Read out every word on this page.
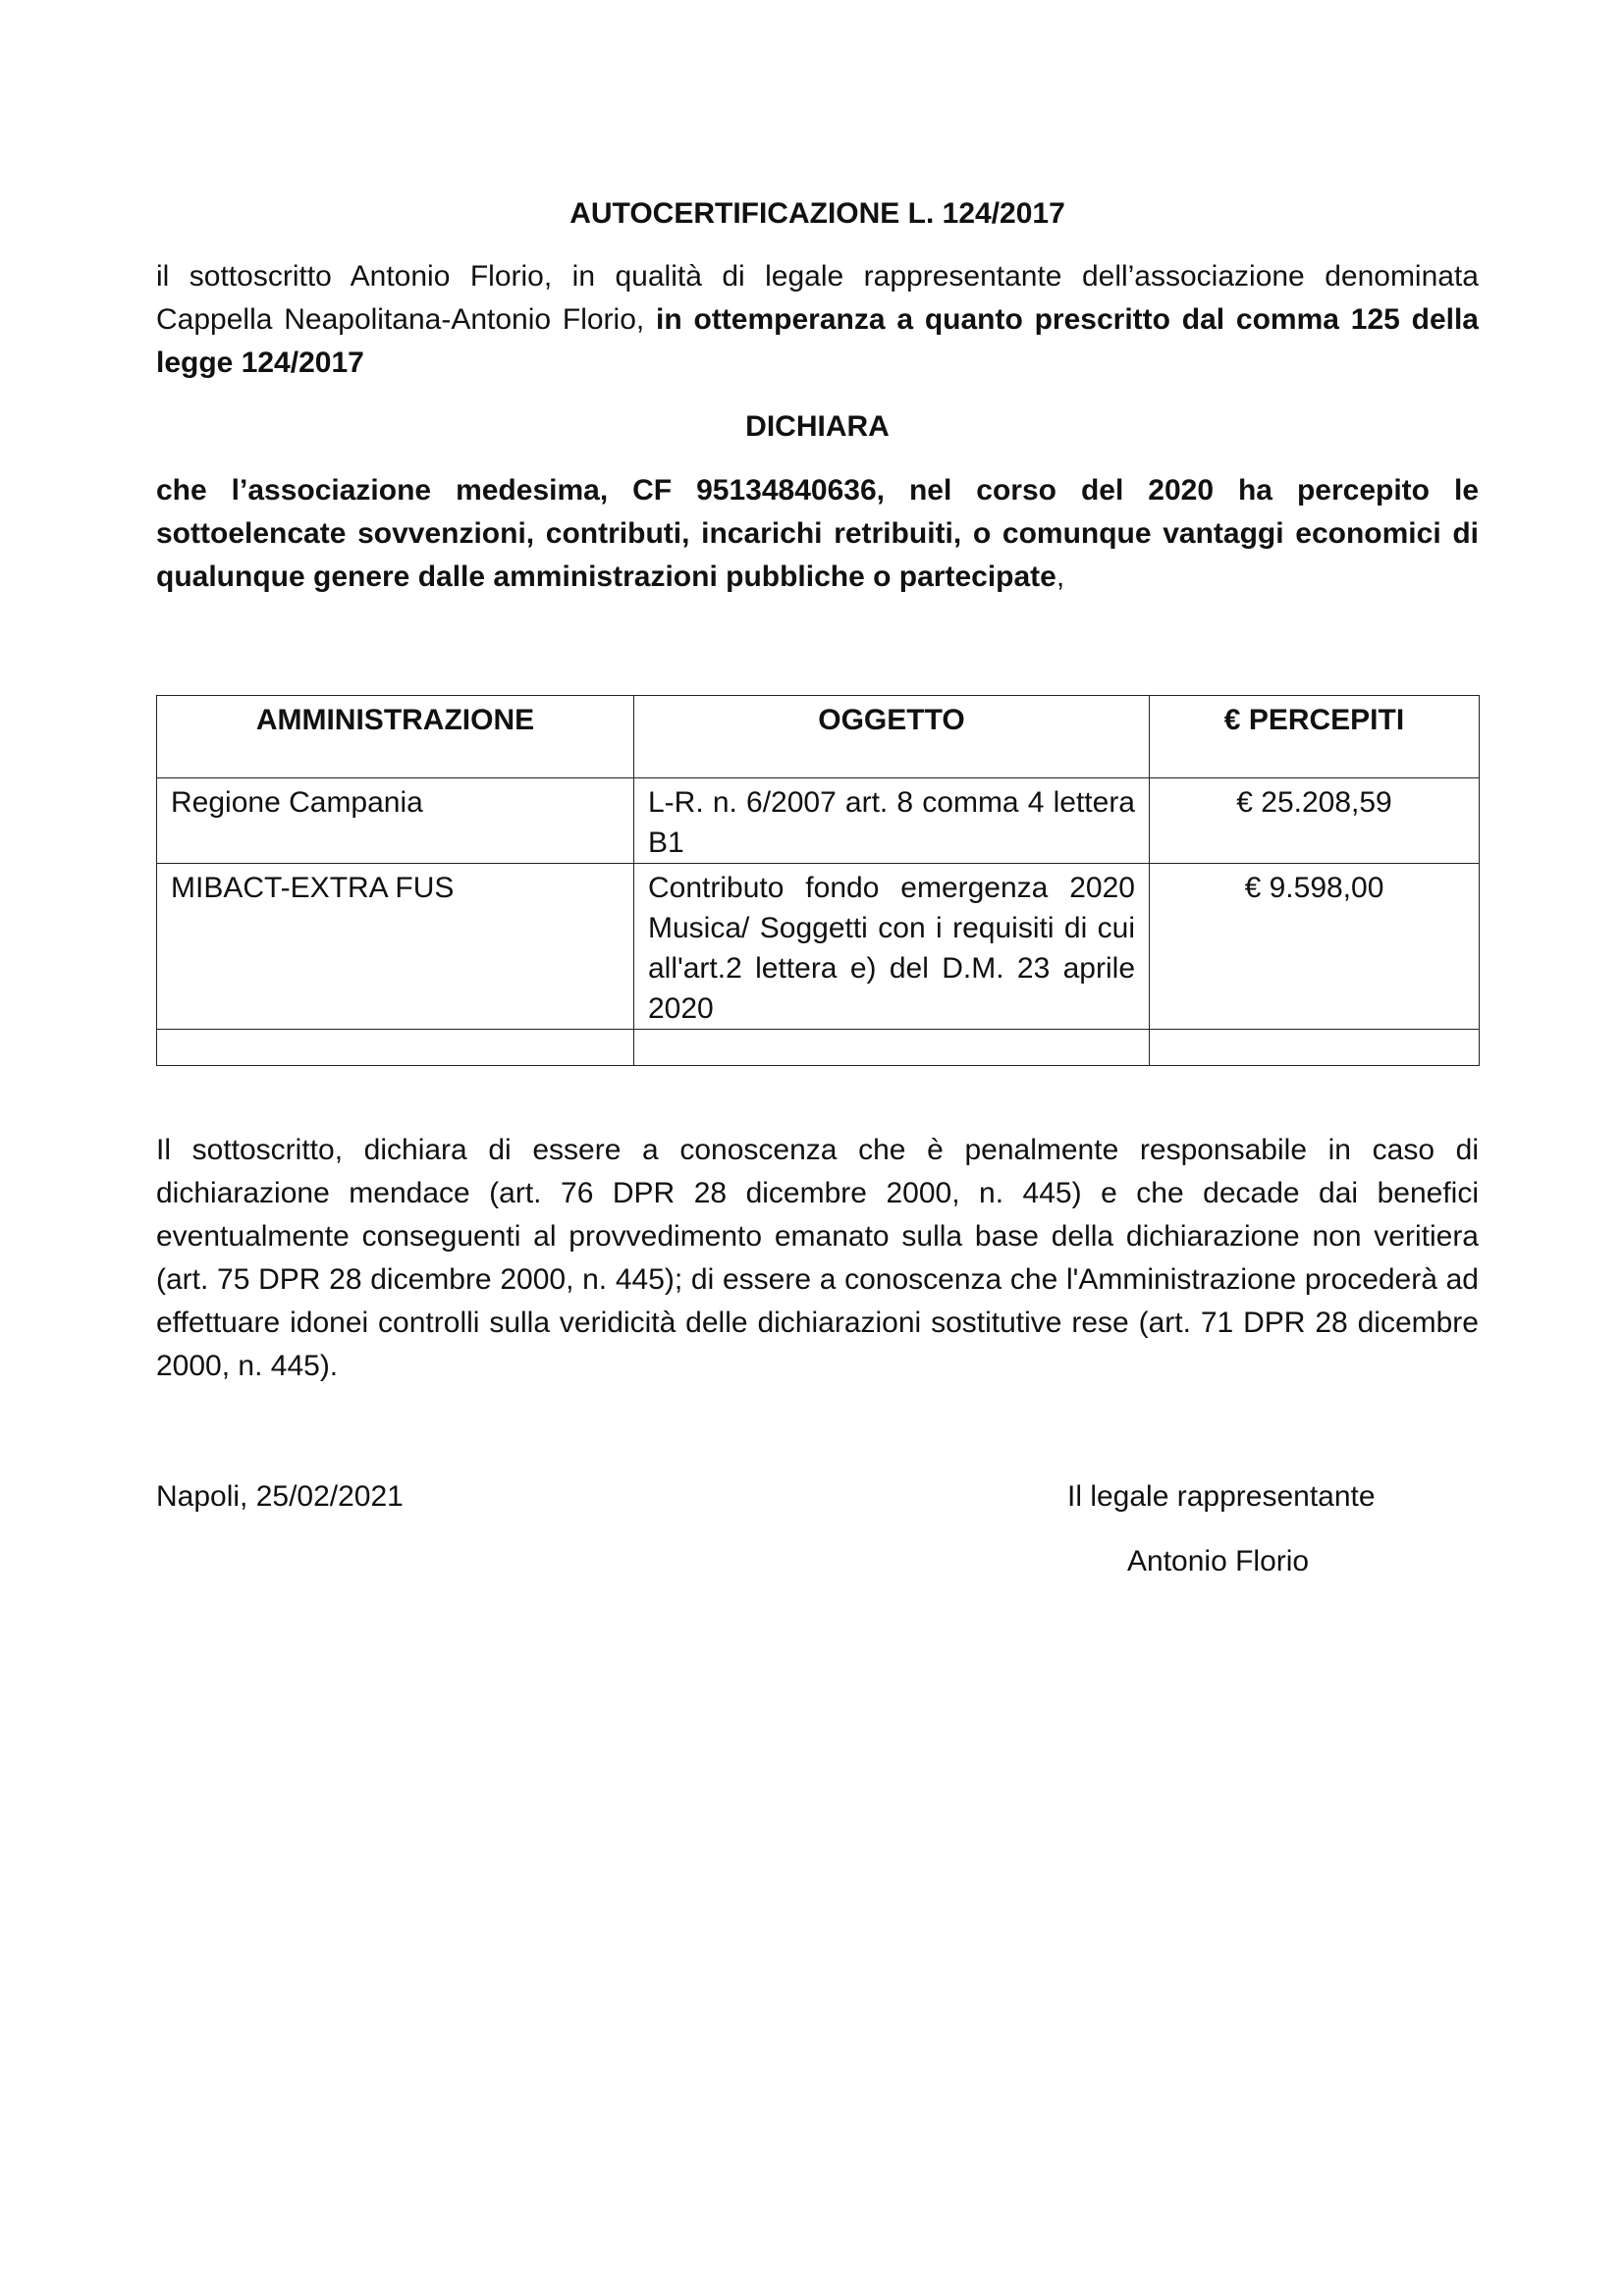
AUTOCERTIFICAZIONE L. 124/2017

il sottoscritto Antonio Florio, in qualità di legale rappresentante dell’associazione denominata Cappella Neapolitana-Antonio Florio, in ottemperanza a quanto prescritto dal comma 125 della legge 124/2017

DICHIARA

che l’associazione medesima, CF 95134840636, nel corso del 2020 ha percepito le sottoelencate sovvenzioni, contributi, incarichi retribuiti, o comunque vantaggi economici di qualunque genere dalle amministrazioni pubbliche o partecipate,

AMMINISTRAZIONE	OGGETTO	€ PERCEPITI
Regione Campania	L-R. n. 6/2007 art. 8 comma 4 lettera B1	€ 25.208,59
MIBACT-EXTRA FUS	Contributo fondo emergenza 2020 Musica/ Soggetti con i requisiti di cui all'art.2 lettera e) del D.M. 23 aprile 2020	€ 9.598,00

Il sottoscritto, dichiara di essere a conoscenza che è penalmente responsabile in caso di dichiarazione mendace (art. 76 DPR 28 dicembre 2000, n. 445) e che decade dai benefici eventualmente conseguenti al provvedimento emanato sulla base della dichiarazione non veritiera (art. 75 DPR 28 dicembre 2000, n. 445); di essere a conoscenza che l'Amministrazione procederà ad effettuare idonei controlli sulla veridicità delle dichiarazioni sostitutive rese (art. 71 DPR 28 dicembre 2000, n. 445).

Napoli, 25/02/2021	Il legale rappresentante
Antonio Florio
